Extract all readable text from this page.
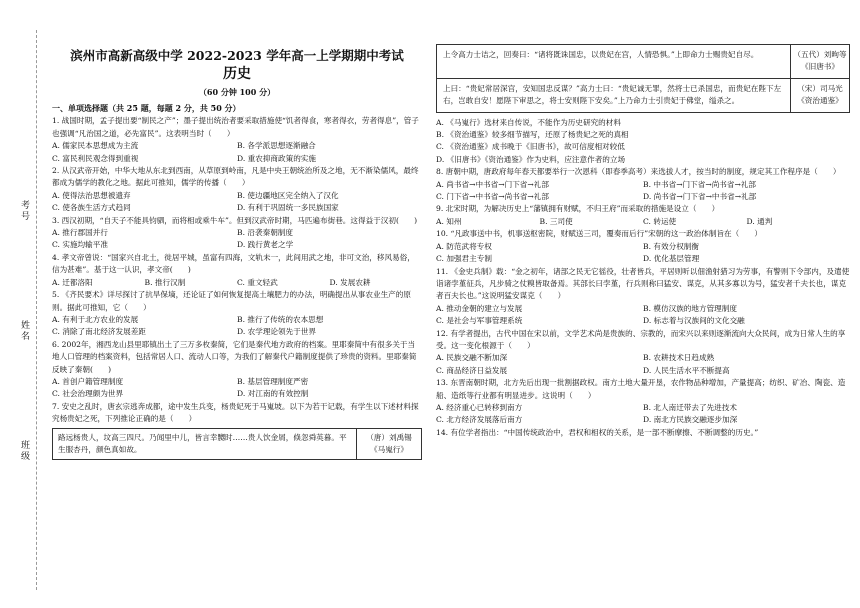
考号
姓名
班级
滨州市高新高级中学 2022-2023 学年高一上学期期中考试
历史
（60 分钟 100 分）
一、单项选择题（共 25 题，每题 2 分，共 50 分）

1. 战国时期，孟子提出要“制民之产”；墨子提出统治者要采取措施使“饥者得食，寒者得衣，劳者得息”，管子也强调“凡治国之道，必先富民”。这表明当时（　　）

A. 儒家民本思想成为主流	B. 各学派思想逐渐融合
C. 富民利民观念得到重视	D. 重农抑商政策的实施

2. 从汉武帝开始，中华大地从东北到西南，从草原到岭南，凡是中央王朝统治所及之地，无不渐染儒风，最终都成为儒学的教化之地。据此可推知，儒学的传播（　　）

A. 使得法治思想被遗弃	B. 使边疆地区完全纳入了汉化
C. 使各族生活方式趋同	D. 有利于巩固统一多民族国家

3. 西汉初期，“自天子不能具钧驷，而将相或乘牛车”。但到汉武帝时期，马匹遍布街巷。这得益于汉初(　　)

A. 推行郡国并行	B. 沿袭秦朝制度
C. 实施均输平准	D. 践行黄老之学

4. 孝文帝曾说：“国家兴自北土，徙居平城，虽富有四海，文轨未一，此间用武之地，非可文治，移风易俗，信为甚难”。基于这一认识，孝文帝(　　)

A. 迁都洛阳	B. 推行汉制	C. 重文轻武	D. 发展农耕

5. 《齐民要术》详尽探讨了抗旱保墒，还论证了如何恢复提高土壤肥力的办法，明确提出从事农业生产的原则。据此可推知，它（　　）

A. 有利于北方农业的发展	B. 推行了传统的农本思想
C. 消除了南北经济发展差距	D. 农学理论领先于世界

6. 2002年，湘西龙山县里耶镇出土了三万多枚秦简，它们是秦代地方政府的档案。里耶秦简中有很多关于当地人口管理的档案资料，包括常居人口、流动人口等，为我们了解秦代户籍制度提供了珍贵的资料。里耶秦简反映了秦朝(　　)

A. 首创户籍管理制度	B. 基层管理制度严密
C. 社会治理颇为世界	D. 对江南的有效控制

7. 安史之乱时，唐玄宗逃奔成都，途中发生兵变，杨贵妃死于马嵬坡。以下为若干记载，有学生以下述材料探究杨贵妃之死，下列推论正确的是（　　）

路远杨贵人，坟高三四尺。乃闻里中儿，皆言幸嬲时……贵人饮金屑，倏忽舜英暮。平生服杏丹，颜色真如故。
（唐）刘禹锡
《马嵬行》
上令高力士诘之，回奏曰：“诸将既诛国忠，以贵妃在宫，人情恐惧。”上即命力士赐贵妃自尽。	（五代）刘昫等
《旧唐书》
上曰：“贵妃常居深宫，安知国忠反谋？”高力士曰：“贵妃诚无罪，然将士已杀国忠，而贵妃在陛下左右，岂敢自安！愿陛下审思之，将士安则陛下安矣。”上乃命力士引贵妃于佛堂，缢杀之。
（宋）司马光
《资治通鉴》
A. 《马嵬行》选材来自传说，不能作为历史研究的材料
B. 《资治通鉴》较多细节描写，还原了杨贵妃之死的真相
C. 《资治通鉴》成书晚于《旧唐书》，故可信度相对较低
D. 《旧唐书》《资治通鉴》作为史料，应注意作者的立场

8. 唐朝中期，唐政府每年春天都要举行一次恩科（即春季高考）来选拔人才，按当时的制度，规定其工作程序是（　　）

A. 尚书省→中书省→门下省→礼部	B. 中书省→门下省→尚书省→礼部
C. 门下省→中书省→尚书省→礼部	D. 尚书省→门下省→中书省→礼部

9. 北宋时期，为解决历史上“藩镇拥有财赋，不归王府”而采取的措施是设立（　　）

A. 知州	B. 三司使	C. 转运使	D. 通判

10. “凡政事送中书，机事送枢密院，财赋送三司，覆奏而后行”宋朝的这一政治体制旨在（　　）

A. 防范武将专权	B. 有效分权制衡
C. 加强君主专制	D. 优化基层管理

11. 《金史兵制》载：“金之初年，诸部之民无它徭役，壮者皆兵，平居则听以佃渔射猎习为劳事，有警则下令部内，及遣使诣诸孛堇征兵，凡步骑之仗糗皆取备焉。其部长曰孛堇，行兵则称曰猛安、谋克，从其多寡以为号，猛安者千夫长也，谋克者百夫长也。”这说明猛安谋克（　　）

A. 推动金朝的建立与发展	B. 模仿汉族的地方管理制度
C. 是社会与军事管理系统	D. 标志着与汉族间的文化交融

12. 有学者提出，古代中国在宋以前，文学艺术尚是贵族的、宗教的，而宋兴以来则逐渐流向大众民间，成为日常人生的享受。这一变化根源于（　　）

A. 民族交融不断加深	B. 农耕技术日趋成熟
C. 商品经济日益发展	D. 人民生活水平不断提高

13. 东晋南朝时期，北方先后出现一批割据政权。南方土地大量开垦，农作物品种增加，产量提高；纺织、矿冶、陶瓷、造船、造纸等行业都有明显进步。这说明（　　）

A. 经济重心已转移到南方	B. 北人南迁带去了先进技术
C. 北方经济发展落后南方	D. 南北方民族交融逐步加深

14. 有位学者指出：“中国传统政治中，君权和相权的关系，是一部不断摩擦、不断调整的历史。”
